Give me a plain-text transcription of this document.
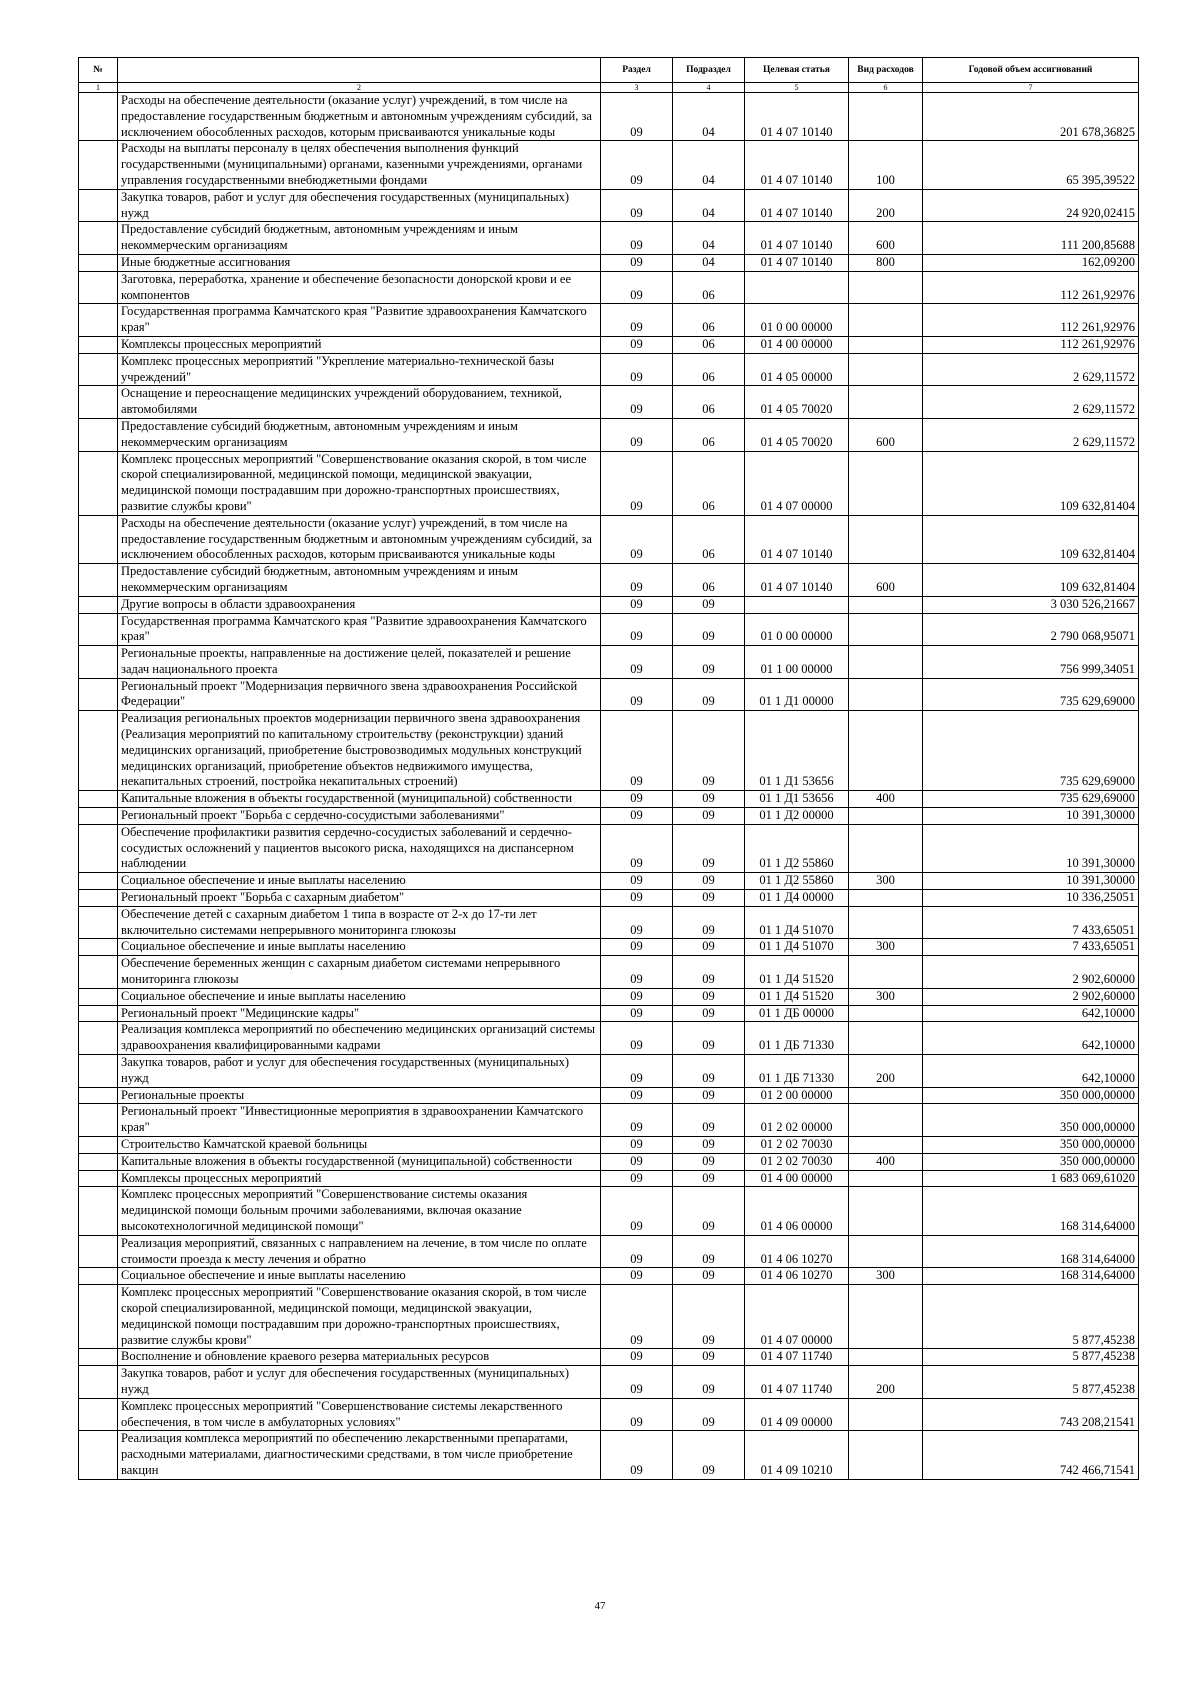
№		Раздел	Подраздел	Целевая статья	Вид расходов	Годовой объем ассигнований
1	2	3	4	5	6	7
	Расходы на обеспечение деятельности (оказание услуг) учреждений, в том числе на предоставление государственным бюджетным и автономным учреждениям субсидий, за исключением обособленных расходов, которым присваиваются уникальные коды	09	04	01 4 07 10140		201 678,36825
	Расходы на выплаты персоналу в целях обеспечения выполнения функций государственными (муниципальными) органами, казенными учреждениями, органами управления государственными внебюджетными фондами	09	04	01 4 07 10140	100	65 395,39522
	Закупка товаров, работ и услуг для обеспечения государственных (муниципальных) нужд	09	04	01 4 07 10140	200	24 920,02415
	Предоставление субсидий бюджетным, автономным учреждениям и иным некоммерческим организациям	09	04	01 4 07 10140	600	111 200,85688
	Иные бюджетные ассигнования	09	04	01 4 07 10140	800	162,09200
	Заготовка, переработка, хранение и обеспечение безопасности донорской крови и ее компонентов	09	06			112 261,92976
	Государственная программа Камчатского края "Развитие здравоохранения Камчатского края"	09	06	01 0 00 00000		112 261,92976
	Комплексы процессных мероприятий	09	06	01 4 00 00000		112 261,92976
	Комплекс процессных мероприятий "Укрепление материально-технической базы учреждений"	09	06	01 4 05 00000		2 629,11572
	Оснащение и переоснащение медицинских учреждений оборудованием, техникой, автомобилями	09	06	01 4 05 70020		2 629,11572
	Предоставление субсидий бюджетным, автономным учреждениям и иным некоммерческим организациям	09	06	01 4 05 70020	600	2 629,11572
	Комплекс процессных мероприятий "Совершенствование оказания скорой, в том числе скорой специализированной, медицинской помощи, медицинской эвакуации, медицинской помощи пострадавшим при дорожно-транспортных происшествиях, развитие службы крови"	09	06	01 4 07 00000		109 632,81404
	Расходы на обеспечение деятельности (оказание услуг) учреждений, в том числе на предоставление государственным бюджетным и автономным учреждениям субсидий, за исключением обособленных расходов, которым присваиваются уникальные коды	09	06	01 4 07 10140		109 632,81404
	Предоставление субсидий бюджетным, автономным учреждениям и иным некоммерческим организациям	09	06	01 4 07 10140	600	109 632,81404
	Другие вопросы в области здравоохранения	09	09			3 030 526,21667
	Государственная программа Камчатского края "Развитие здравоохранения Камчатского края"	09	09	01 0 00 00000		2 790 068,95071
	Региональные проекты, направленные на достижение целей, показателей и решение задач национального проекта	09	09	01 1 00 00000		756 999,34051
	Региональный проект "Модернизация первичного звена здравоохранения Российской Федерации"	09	09	01 1 Д1 00000		735 629,69000
	Реализация региональных проектов модернизации первичного звена здравоохранения (Реализация мероприятий по капитальному строительству (реконструкции) зданий медицинских организаций, приобретение быстровозводимых модульных конструкций медицинских организаций, приобретение объектов недвижимого имущества, некапитальных строений, постройка некапитальных строений)	09	09	01 1 Д1 53656		735 629,69000
	Капитальные вложения в объекты государственной (муниципальной) собственности	09	09	01 1 Д1 53656	400	735 629,69000
	Региональный проект "Борьба с сердечно-сосудистыми заболеваниями"	09	09	01 1 Д2 00000		10 391,30000
	Обеспечение профилактики развития сердечно-сосудистых заболеваний и сердечно-сосудистых осложнений у пациентов высокого риска, находящихся на диспансерном наблюдении	09	09	01 1 Д2 55860		10 391,30000
	Социальное обеспечение и иные выплаты населению	09	09	01 1 Д2 55860	300	10 391,30000
	Региональный проект "Борьба с сахарным диабетом"	09	09	01 1 Д4 00000		10 336,25051
	Обеспечение детей с сахарным диабетом 1 типа в возрасте от 2-х до 17-ти лет включительно системами непрерывного мониторинга глюкозы	09	09	01 1 Д4 51070		7 433,65051
	Социальное обеспечение и иные выплаты населению	09	09	01 1 Д4 51070	300	7 433,65051
	Обеспечение беременных женщин с сахарным диабетом системами непрерывного мониторинга глюкозы	09	09	01 1 Д4 51520		2 902,60000
	Социальное обеспечение и иные выплаты населению	09	09	01 1 Д4 51520	300	2 902,60000
	Региональный проект "Медицинские кадры"	09	09	01 1 ДБ 00000		642,10000
	Реализация комплекса мероприятий по обеспечению медицинских организаций системы здравоохранения квалифицированными кадрами	09	09	01 1 ДБ 71330		642,10000
	Закупка товаров, работ и услуг для обеспечения государственных (муниципальных) нужд	09	09	01 1 ДБ 71330	200	642,10000
	Региональные проекты	09	09	01 2 00 00000		350 000,00000
	Региональный проект "Инвестиционные мероприятия в здравоохранении Камчатского края"	09	09	01 2 02 00000		350 000,00000
	Строительство Камчатской краевой больницы	09	09	01 2 02 70030		350 000,00000
	Капитальные вложения в объекты государственной (муниципальной) собственности	09	09	01 2 02 70030	400	350 000,00000
	Комплексы процессных мероприятий	09	09	01 4 00 00000		1 683 069,61020
	Комплекс процессных мероприятий "Совершенствование системы оказания медицинской помощи больным прочими заболеваниями, включая оказание высокотехнологичной медицинской помощи"	09	09	01 4 06 00000		168 314,64000
	Реализация мероприятий, связанных с направлением на лечение, в том числе по оплате стоимости проезда к месту лечения и обратно	09	09	01 4 06 10270		168 314,64000
	Социальное обеспечение и иные выплаты населению	09	09	01 4 06 10270	300	168 314,64000
	Комплекс процессных мероприятий "Совершенствование оказания скорой, в том числе скорой специализированной, медицинской помощи, медицинской эвакуации, медицинской помощи пострадавшим при дорожно-транспортных происшествиях, развитие службы крови"	09	09	01 4 07 00000		5 877,45238
	Восполнение и обновление краевого резерва материальных ресурсов	09	09	01 4 07 11740		5 877,45238
	Закупка товаров, работ и услуг для обеспечения государственных (муниципальных) нужд	09	09	01 4 07 11740	200	5 877,45238
	Комплекс процессных мероприятий "Совершенствование системы лекарственного обеспечения, в том числе в амбулаторных условиях"	09	09	01 4 09 00000		743 208,21541
	Реализация комплекса мероприятий по обеспечению лекарственными препаратами, расходными материалами, диагностическими средствами, в том числе приобретение вакцин	09	09	01 4 09 10210		742 466,71541
47
